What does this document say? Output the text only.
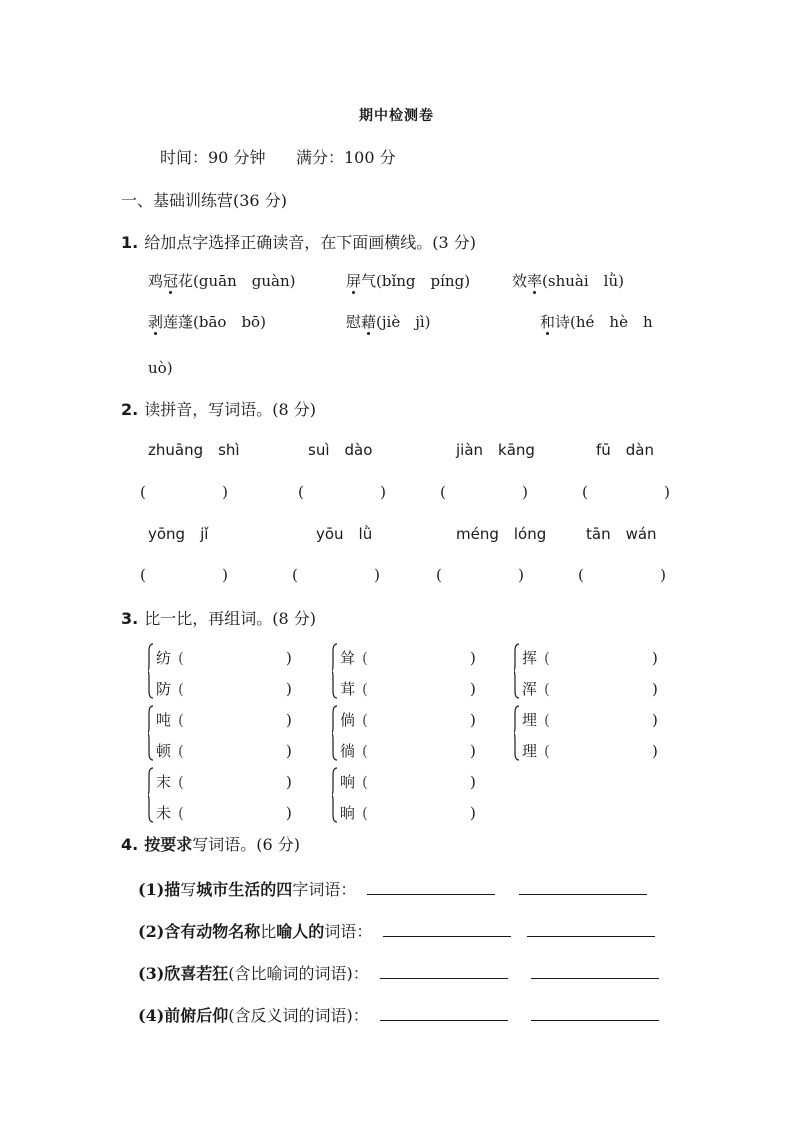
期中检测卷
时间：90 分钟 满分：100 分
一、基础训练营(36 分)
1. 给加点字选择正确读音，在下面画横线。(3 分)
鸡冠花(guān　guàn)	屏气(bǐng　píng)	效率(shuài　lǜ)
剥莲蓬(bāo　bō)	慰藉(jiè　jì)	和诗(hé　hè　h
uò)
2. 读拼音，写词语。(8 分)
zhuāng　shì	suì　dào	jiàn　kāng	fū　dàn
(	)	(	)	(	)	(	)
yōng　jǐ	yōu　lǜ	méng　lóng	tān　wán
(	)	(	)	(	)	(	)
3. 比一比，再组词。(8 分)
纺 (	)
防 (	)
耸 (	)
茸 (	)
挥 (	)
浑 (	)
吨 (	)
顿 (	)
倘 (	)
徜 (	)
埋 (	)
理 (	)
末 (	)
未 (	)
响 (	)
晌 (	)
4. 按要求写词语。(6 分)
(1)描写城市生活的四字词语：
(2)含有动物名称比喻人的词语：
(3)欣喜若狂(含比喻词的词语)：
(4)前俯后仰(含反义词的词语)：
